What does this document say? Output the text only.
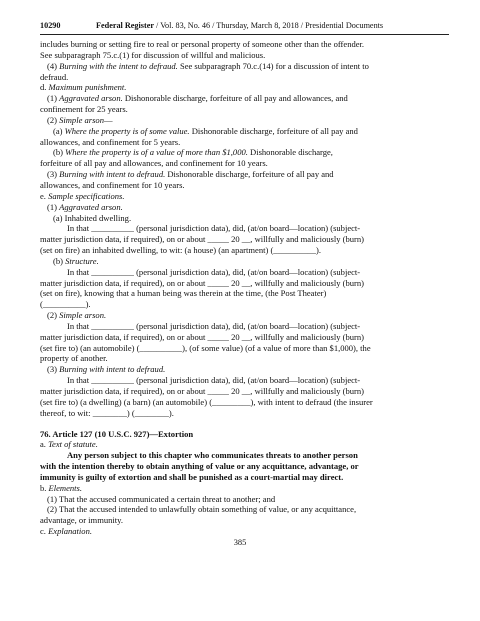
10290	Federal Register / Vol. 83, No. 46 / Thursday, March 8, 2018 / Presidential Documents

includes burning or setting fire to real or personal property of someone other than the offender.

See subparagraph 75.c.(1) for discussion of willful and malicious.

(4) Burning with the intent to defraud. See subparagraph 70.c.(14) for a discussion of intent to

defraud.

d. Maximum punishment.

(1) Aggravated arson. Dishonorable discharge, forfeiture of all pay and allowances, and

confinement for 25 years.

(2) Simple arson—

(a) Where the property is of some value. Dishonorable discharge, forfeiture of all pay and

allowances, and confinement for 5 years.

(b) Where the property is of a value of more than $1,000. Dishonorable discharge,

forfeiture of all pay and allowances, and confinement for 10 years.

(3) Burning with intent to defraud. Dishonorable discharge, forfeiture of all pay and

allowances, and confinement for 10 years.

e. Sample specifications.

(1) Aggravated arson.

(a) Inhabited dwelling.

In that __________ (personal jurisdiction data), did, (at/on board—location) (subject-

matter jurisdiction data, if required), on or about _____ 20 __, willfully and maliciously (burn)

(set on fire) an inhabited dwelling, to wit: (a house) (an apartment) (__________).

(b) Structure.

In that __________ (personal jurisdiction data), did, (at/on board—location) (subject-

matter jurisdiction data, if required), on or about _____ 20 __, willfully and maliciously (burn)

(set on fire), knowing that a human being was therein at the time, (the Post Theater)

(__________).

(2) Simple arson.

In that __________ (personal jurisdiction data), did, (at/on board—location) (subject-

matter jurisdiction data, if required), on or about _____ 20 __, willfully and maliciously (burn)

(set fire to) (an automobile) (__________), (of some value) (of a value of more than $1,000), the

property of another.

(3) Burning with intent to defraud.

In that __________ (personal jurisdiction data), did, (at/on board—location) (subject-

matter jurisdiction data, if required), on or about _____ 20 __, willfully and maliciously (burn)

(set fire to) (a dwelling) (a barn) (an automobile) (_________), with intent to defraud (the insurer

thereof, to wit: ________) (________).

76. Article 127 (10 U.S.C. 927)—Extortion

a. Text of statute.

Any person subject to this chapter who communicates threats to another person

with the intention thereby to obtain anything of value or any acquittance, advantage, or

immunity is guilty of extortion and shall be punished as a court-martial may direct.

b. Elements.

(1) That the accused communicated a certain threat to another; and

(2) That the accused intended to unlawfully obtain something of value, or any acquittance,

advantage, or immunity.

c. Explanation.

385
